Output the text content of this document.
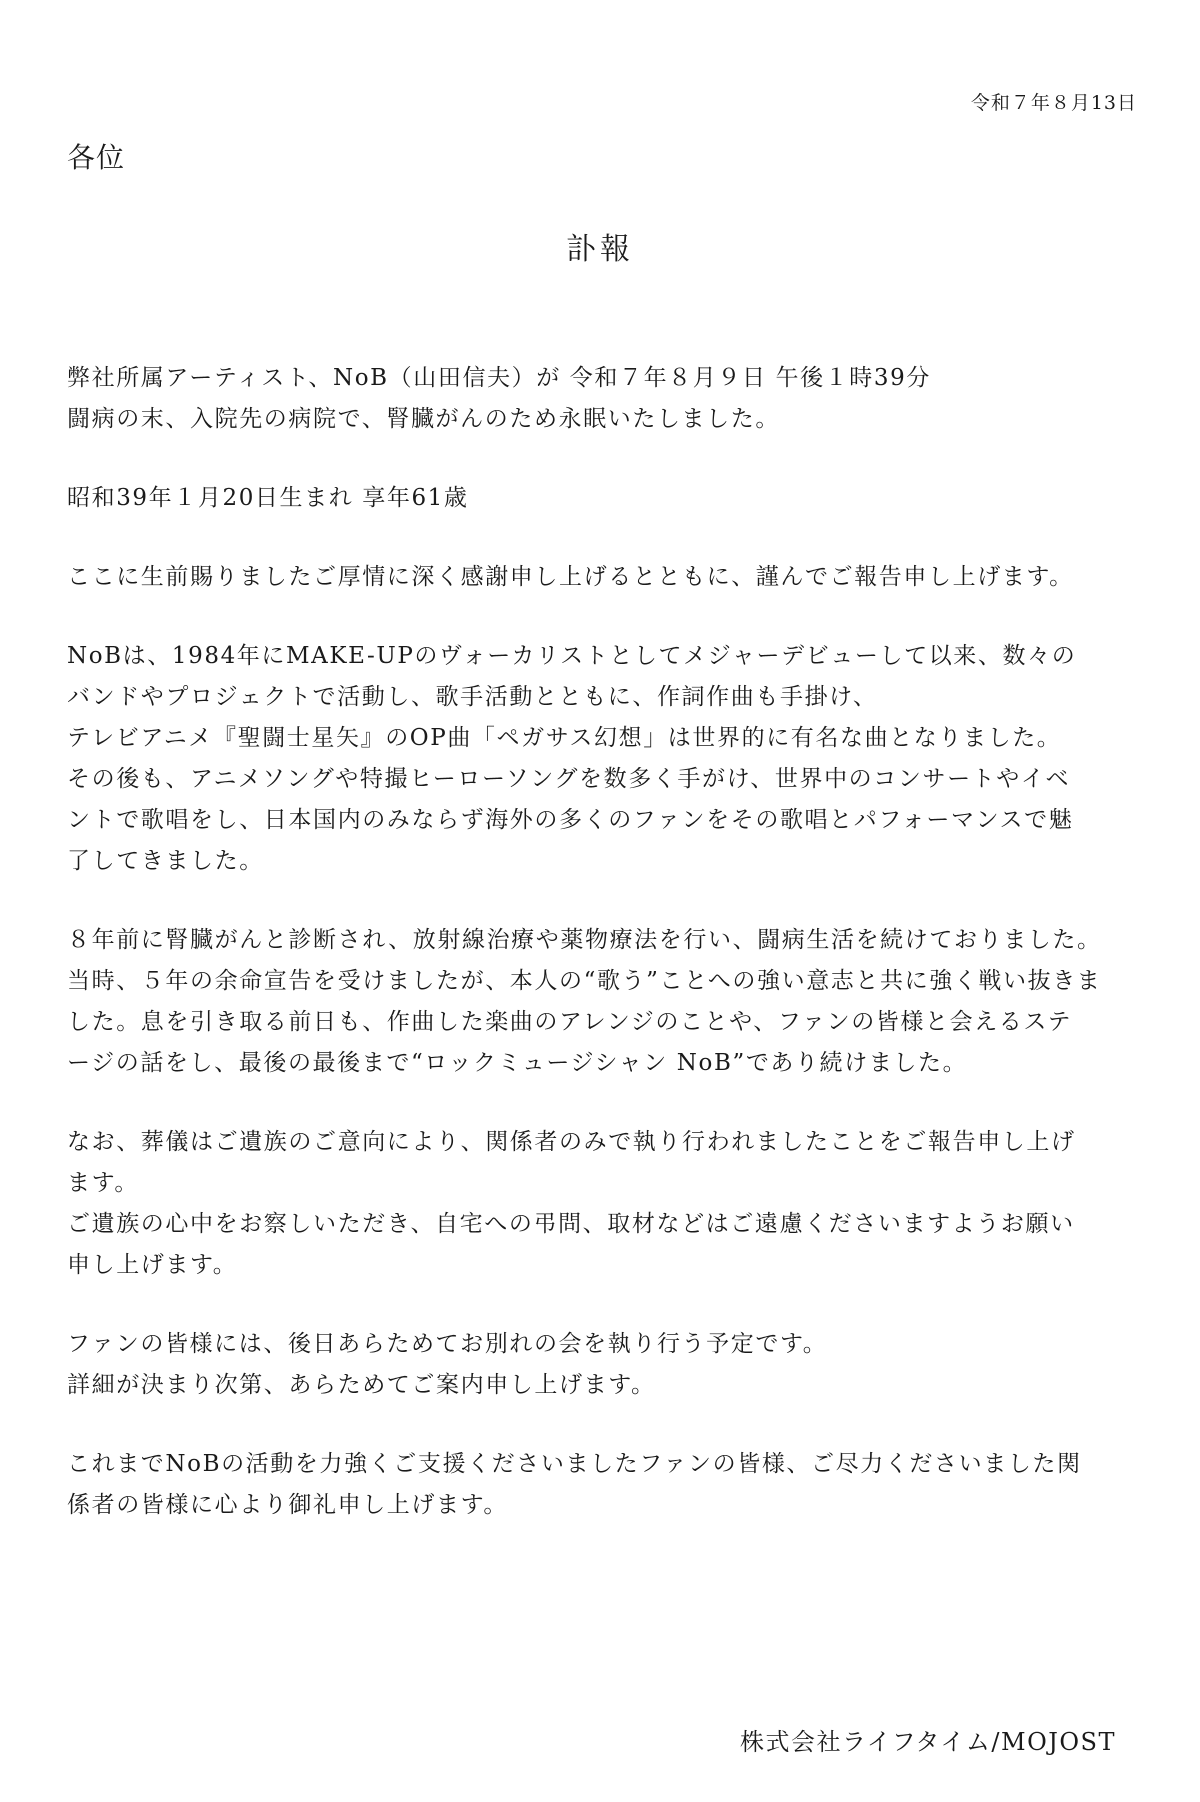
令和７年８月13日
各位
訃報

弊社所属アーティスト、NoB（山田信夫）が 令和７年８月９日 午後１時39分
闘病の末、入院先の病院で、腎臓がんのため永眠いたしました。

昭和39年１月20日生まれ 享年61歳

ここに生前賜りましたご厚情に深く感謝申し上げるとともに、謹んでご報告申し上げます。

NoBは、1984年にMAKE-UPのヴォーカリストとしてメジャーデビューして以来、数々の
バンドやプロジェクトで活動し、歌手活動とともに、作詞作曲も手掛け、
テレビアニメ『聖闘士星矢』のOP曲「ペガサス幻想」は世界的に有名な曲となりました。
その後も、アニメソングや特撮ヒーローソングを数多く手がけ、世界中のコンサートやイベ
ントで歌唱をし、日本国内のみならず海外の多くのファンをその歌唱とパフォーマンスで魅
了してきました。

８年前に腎臓がんと診断され、放射線治療や薬物療法を行い、闘病生活を続けておりました。
当時、５年の余命宣告を受けましたが、本人の“歌う”ことへの強い意志と共に強く戦い抜きま
した。息を引き取る前日も、作曲した楽曲のアレンジのことや、ファンの皆様と会えるステ
ージの話をし、最後の最後まで“ロックミュージシャン NoB”であり続けました。

なお、葬儀はご遺族のご意向により、関係者のみで執り行われましたことをご報告申し上げ
ます。
ご遺族の心中をお察しいただき、自宅への弔問、取材などはご遠慮くださいますようお願い
申し上げます。

ファンの皆様には、後日あらためてお別れの会を執り行う予定です。
詳細が決まり次第、あらためてご案内申し上げます。

これまでNoBの活動を力強くご支援くださいましたファンの皆様、ご尽力くださいました関
係者の皆様に心より御礼申し上げます。

株式会社ライフタイム/MOJOST
